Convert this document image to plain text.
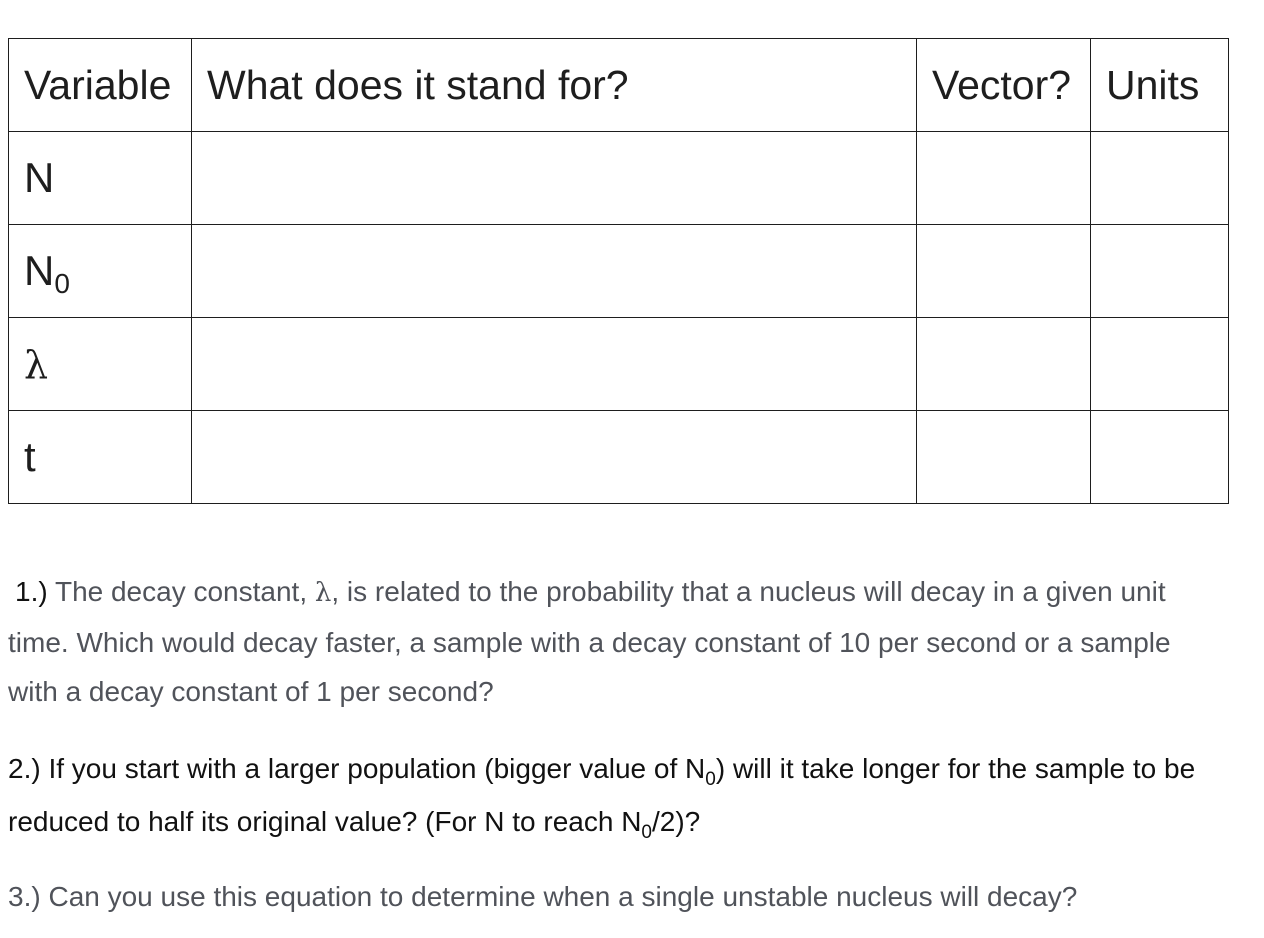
Variable	What does it stand for?	Vector?	Units
N			
N0			
λ			
t			

1.) The decay constant, λ, is related to the probability that a nucleus will decay in a given unit time. Which would decay faster, a sample with a decay constant of 10 per second or a sample with a decay constant of 1 per second?

2.) If you start with a larger population (bigger value of $N_0$) will it take longer for the sample to be reduced to half its original value? (For N to reach $N_0/2$)?

3.) Can you use this equation to determine when a single unstable nucleus will decay?
